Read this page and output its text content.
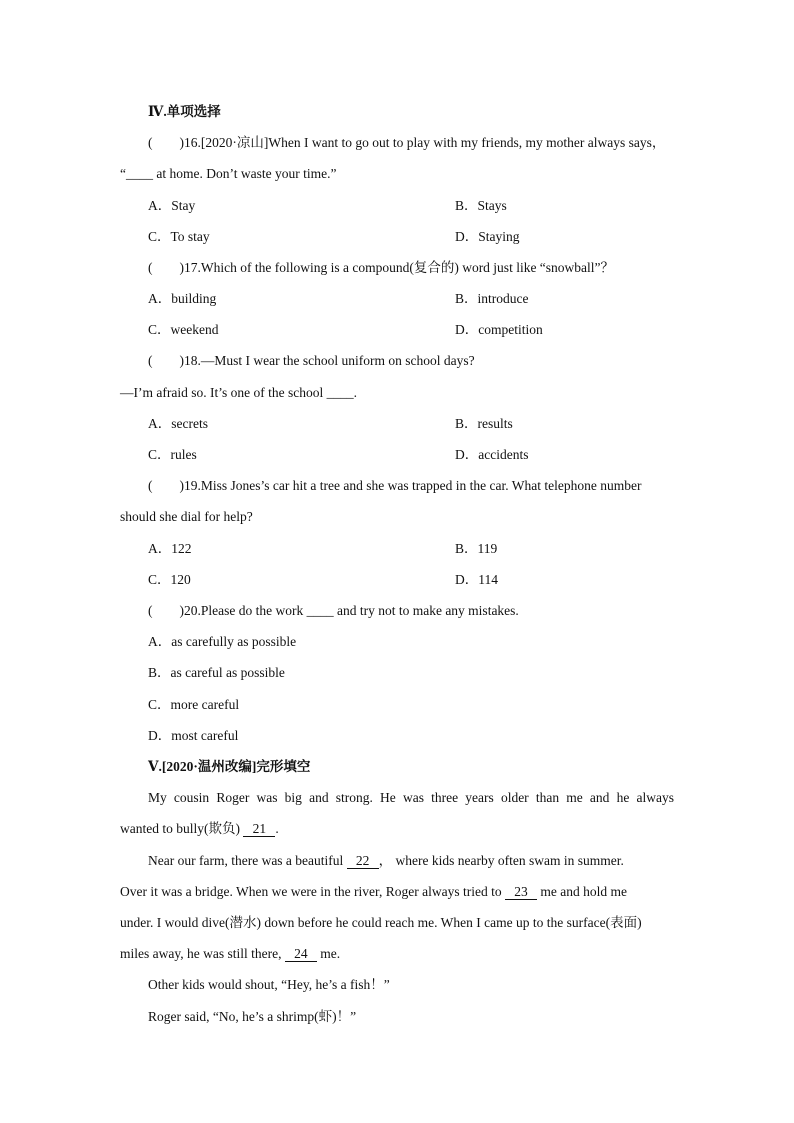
Ⅳ.单项选择
(　　)16.[2020·凉山]When I want to go out to play with my friends, my mother always says，
“____ at home. Don’t waste your time.”
A．Stay	B．Stays
C．To stay	D．Staying
(　　)17.Which of the following is a compound(复合的) word just like “snowball”？
A．building	B．introduce
C．weekend	D．competition
(　　)18.—Must I wear the school uniform on school days?
—I’m afraid so. It’s one of the school ____.
A．secrets	B．results
C．rules	D．accidents
(　　)19.Miss Jones’s car hit a tree and she was trapped in the car. What telephone number
should she dial for help?
A．122	B．119
C．120	D．114
(　　)20.Please do the work ____ and try not to make any mistakes.
A．as carefully as possible
B．as careful as possible
C．more careful
D．most careful
Ⅴ.[2020·温州改编]完形填空
My cousin Roger was big and strong. He was three years older than me and he always
wanted to bully(欺负) 21 .
Near our farm, there was a beautiful 22 ， where kids nearby often swam in summer.
Over it was a bridge. When we were in the river, Roger always tried to 23 me and hold me
under. I would dive(潜水) down before he could reach me. When I came up to the surface(表面)
miles away, he was still there, 24 me.
Other kids would shout, “Hey, he’s a fish！”
Roger said, “No, he’s a shrimp(虾)！”
